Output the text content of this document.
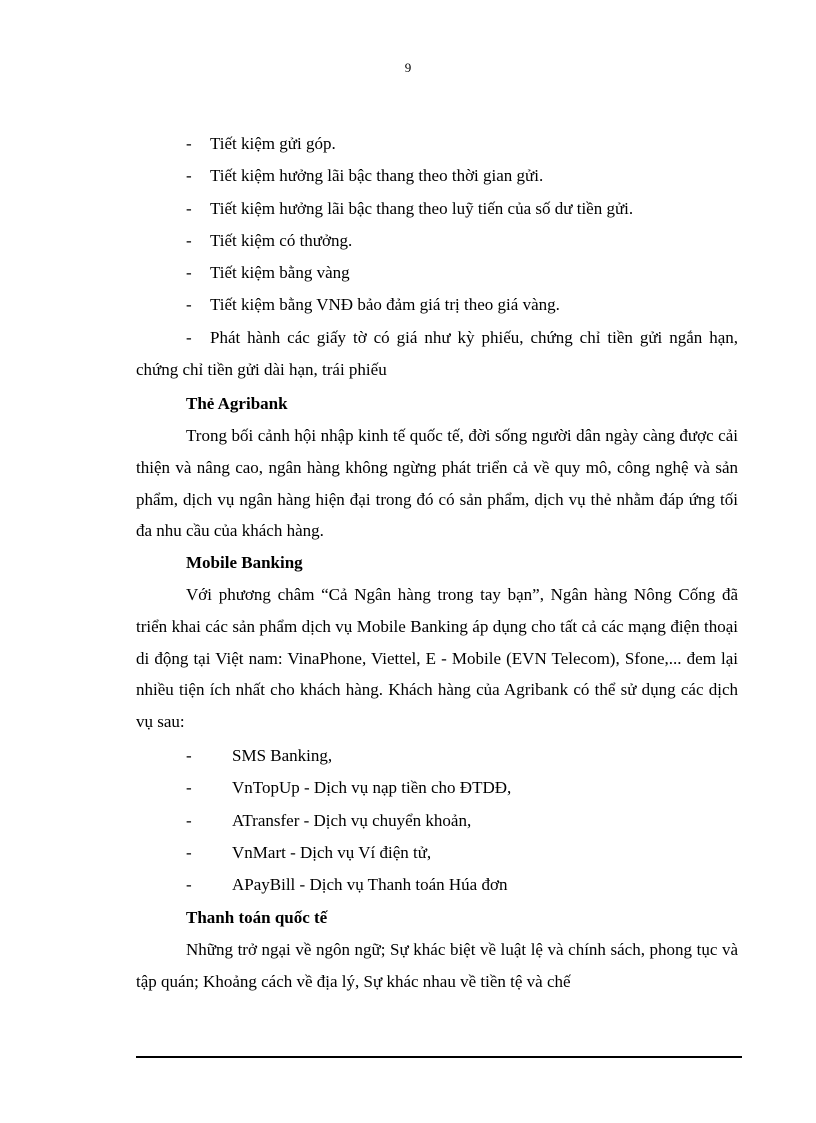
9
- Tiết kiệm gửi góp.
- Tiết kiệm hưởng lãi bậc thang theo thời gian gửi.
- Tiết kiệm hưởng lãi bậc thang theo luỹ tiến của số dư tiền gửi.
- Tiết kiệm có thưởng.
- Tiết kiệm bằng vàng
- Tiết kiệm bằng VNĐ bảo đảm giá trị theo giá vàng.

- Phát hành các giấy tờ có giá như kỳ phiếu, chứng chỉ tiền gửi ngắn hạn, chứng chỉ tiền gửi dài hạn, trái phiếu

Thẻ Agribank

Trong bối cảnh hội nhập kinh tế quốc tế, đời sống người dân ngày càng được cải thiện và nâng cao, ngân hàng không ngừng phát triển cả về quy mô, công nghệ và sản phẩm, dịch vụ ngân hàng hiện đại trong đó có sản phẩm, dịch vụ thẻ nhằm đáp ứng tối đa nhu cầu của khách hàng.

Mobile Banking

Với phương châm “Cả Ngân hàng trong tay bạn”, Ngân hàng Nông Cống đã triển khai các sản phẩm dịch vụ Mobile Banking áp dụng cho tất cả các mạng điện thoại di động tại Việt nam: VinaPhone, Viettel, E - Mobile (EVN Telecom), Sfone,... đem lại nhiều tiện ích nhất cho khách hàng. Khách hàng của Agribank có thể sử dụng các dịch vụ sau:

- SMS Banking,
- VnTopUp - Dịch vụ nạp tiền cho ĐTDĐ,
- ATransfer - Dịch vụ chuyển khoản,
- VnMart - Dịch vụ Ví điện tử,
- APayBill - Dịch vụ Thanh toán Húa đơn
Thanh toán quốc tế

Những trở ngại về ngôn ngữ; Sự khác biệt về luật lệ và chính sách, phong tục và tập quán; Khoảng cách về địa lý, Sự khác nhau về tiền tệ và chế
